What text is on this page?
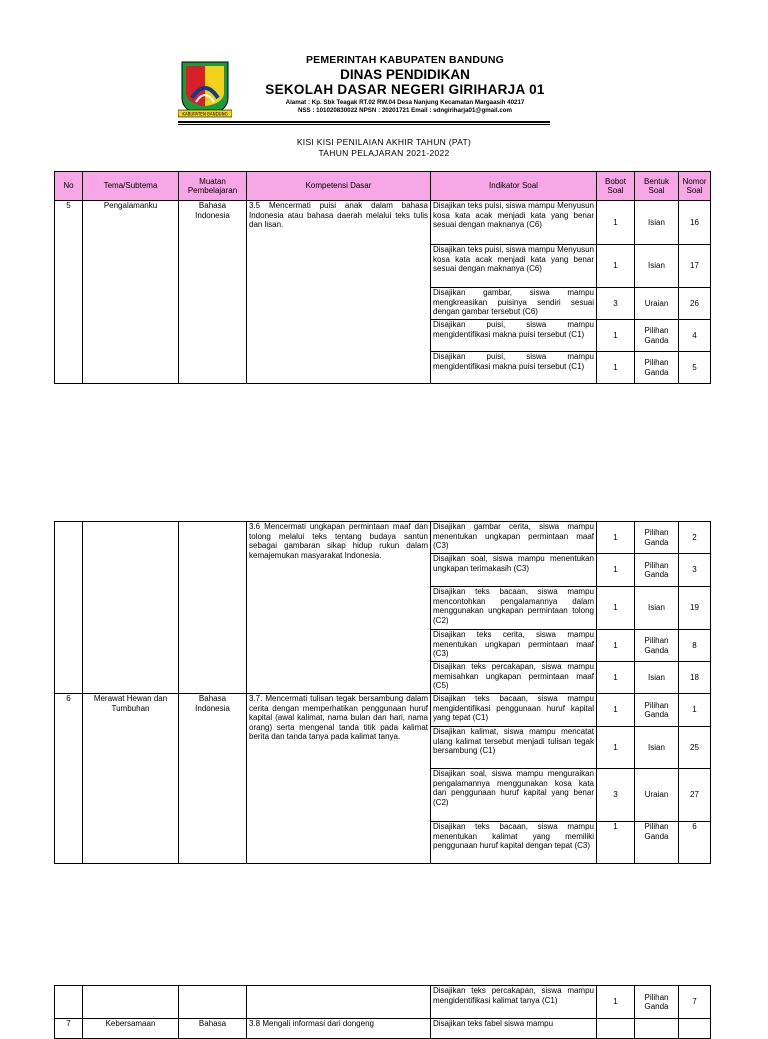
KABUPATEN BANDUNG
PEMERINTAH KABUPATEN BANDUNG
DINAS PENDIDIKAN
SEKOLAH DASAR NEGERI GIRIHARJA 01
Alamat : Kp. Sbk Teagak RT.02 RW.04 Desa Nanjung Kecamatan Margaasih 40217
NSS : 101020830022 NPSN : 20201721 Email : sdngiriharja01@gmail.com
KISI KISI PENILAIAN AKHIR TAHUN (PAT)
TAHUN PELAJARAN 2021-2022
No	Tema/Subtema	Muatan Pembelajaran	Kompetensi Dasar	Indikator Soal	Bobot Soal	Bentuk Soal	Nomor Soal
5	Pengalamanku	Bahasa Indonesia	3.5 Mencermati puisi anak dalam bahasa Indonesia atau bahasa daerah melalui teks tulis dan lisan.	Disajikan teks puisi, siswa mampu Menyusun kosa kata acak menjadi kata yang benar sesuai dengan maknanya (C6)	1	Isian	16
				Disajikan teks puisi, siswa mampu Menyusun kosa kata acak menjadi kata yang benar sesuai dengan maknanya (C6)	1	Isian	17
				Disajikan gambar, siswa mampu mengkreasikan puisinya sendiri sesuai dengan gambar tersebut (C6)	3	Uraian	26
				Disajikan puisi, siswa mampu mengidentifikasi makna puisi tersebut (C1)	1	Pilihan Ganda	4
				Disajikan puisi, siswa mampu mengidentifikasi makna puisi tersebut (C1)	1	Pilihan Ganda	5
			3.6 Mencermati ungkapan permintaan maaf dan tolong melalui teks tentang budaya santun sebagai gambaran sikap hidup rukun dalam kemajemukan masyarakat Indonesia.	Disajikan gambar cerita, siswa mampu menentukan ungkapan permintaan maaf (C3)	1	Pilihan Ganda	2
				Disajikan soal, siswa mampu menentukan ungkapan terimakasih (C3)	1	Pilihan Ganda	3
				Disajikan teks bacaan, siswa mampu mencontohkan pengalamannya dalam menggunakan ungkapan permintaan tolong (C2)	1	Isian	19
				Disajikan teks cerita, siswa mampu menentukan ungkapan permintaan maaf (C3)	1	Pilihan Ganda	8
				Disajikan teks percakapan, siswa mampu memisahkan ungkapan permintaan maaf (C5)	1	Isian	18
6	Merawat Hewan dan Tumbuhan	Bahasa Indonesia	3.7. Mencermati tulisan tegak bersambung dalam cerita dengan memperhatikan penggunaan huruf kapital (awal kalimat, nama bulan dan hari, nama orang) serta mengenal tanda titik pada kalimat berita dan tanda tanya pada kalimat tanya.	Disajikan teks bacaan, siswa mampu mengidentifikasi penggunaan huruf kapital yang tepat (C1)	1	Pilihan Ganda	1
				Disajikan kalimat, siswa mampu mencatat ulang kalimat tersebut menjadi tulisan tegak bersambung (C1)	1	Isian	25
				Disajikan soal, siswa mampu menguraikan pengalamannya menggunakan kosa kata dan penggunaan huruf kapital yang benar (C2)	3	Uraian	27
				Disajikan teks bacaan, siswa mampu menentukan kalimat yang memiliki penggunaan huruf kapital dengan tepat (C3)	1	Pilihan Ganda	6
				Disajikan teks percakapan, siswa mampu mengidentifikasi kalimat tanya (C1)	1	Pilihan Ganda	7
7	Kebersamaan	Bahasa	3.8 Mengali informasi dari dongeng	Disajikan teks fabel siswa mampu			
